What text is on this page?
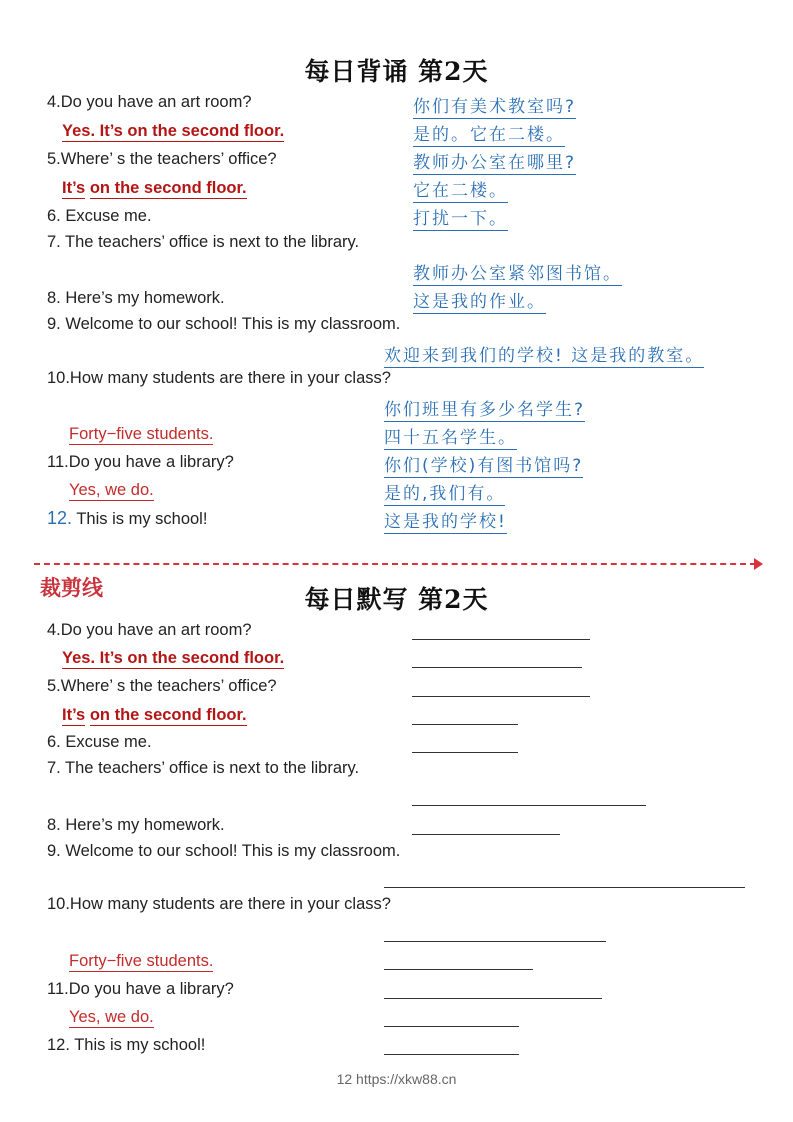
每日背诵 第2天
4.Do you have an art room?	你们有美术教室吗?
Yes. It’s on the second floor.	是的。它在二楼。
5.Where’ s the teachers’ office?	教师办公室在哪里?
It’s on the second floor.	它在二楼。
6. Excuse me.	打扰一下。
7. The teachers’ office is next to the library.
教师办公室紧邻图书馆。
8. Here’s my homework.	这是我的作业。
9. Welcome to our school! This is my classroom.
欢迎来到我们的学校! 这是我的教室。
10.How many students are there in your class?
你们班里有多少名学生?
Forty−five students.	四十五名学生。
11.Do you have a library?	你们(学校)有图书馆吗?
Yes, we do.	是的,我们有。
12. This is my school!	这是我的学校!
裁剪线	每日默写 第2天
4.Do you have an art room?
Yes. It’s on the second floor.
5.Where’ s the teachers’ office?
It’s on the second floor.
6. Excuse me.
7. The teachers’ office is next to the library.
8. Here’s my homework.
9. Welcome to our school! This is my classroom.
10.How many students are there in your class?
Forty−five students.
11.Do you have a library?
Yes, we do.
12. This is my school!
12 https://xkw88.cn
